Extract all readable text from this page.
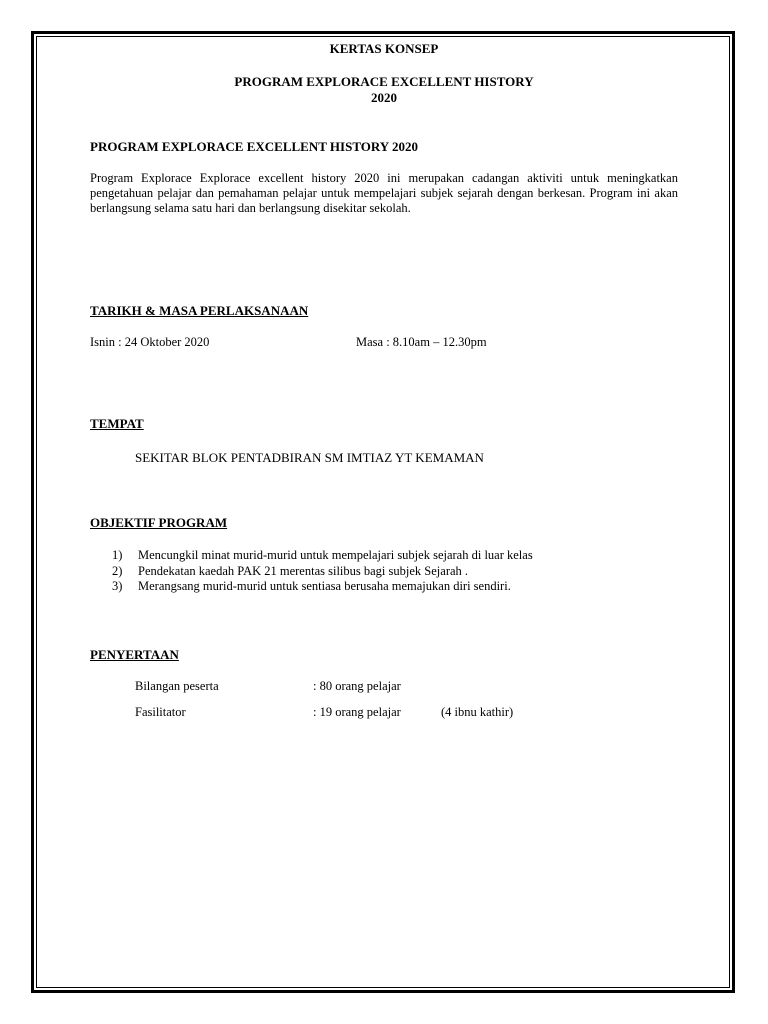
KERTAS KONSEP
PROGRAM EXPLORACE EXCELLENT HISTORY
2020
PROGRAM EXPLORACE EXCELLENT HISTORY 2020
Program Explorace Explorace excellent history 2020 ini merupakan cadangan aktiviti untuk meningkatkan pengetahuan pelajar dan pemahaman pelajar untuk mempelajari subjek sejarah dengan berkesan. Program ini akan berlangsung selama satu hari dan berlangsung disekitar sekolah.
TARIKH & MASA PERLAKSANAAN
Isnin : 24 Oktober 2020	Masa : 8.10am – 12.30pm
TEMPAT
SEKITAR BLOK PENTADBIRAN SM IMTIAZ YT KEMAMAN
OBJEKTIF PROGRAM
1)	Mencungkil minat murid-murid untuk mempelajari subjek sejarah di luar kelas
2)	Pendekatan kaedah PAK 21 merentas silibus bagi subjek Sejarah .
3)	Merangsang murid-murid untuk sentiasa berusaha memajukan diri sendiri.
PENYERTAAN
Bilangan peserta	: 80 orang pelajar
Fasilitator	: 19 orang pelajar	(4 ibnu kathir)
